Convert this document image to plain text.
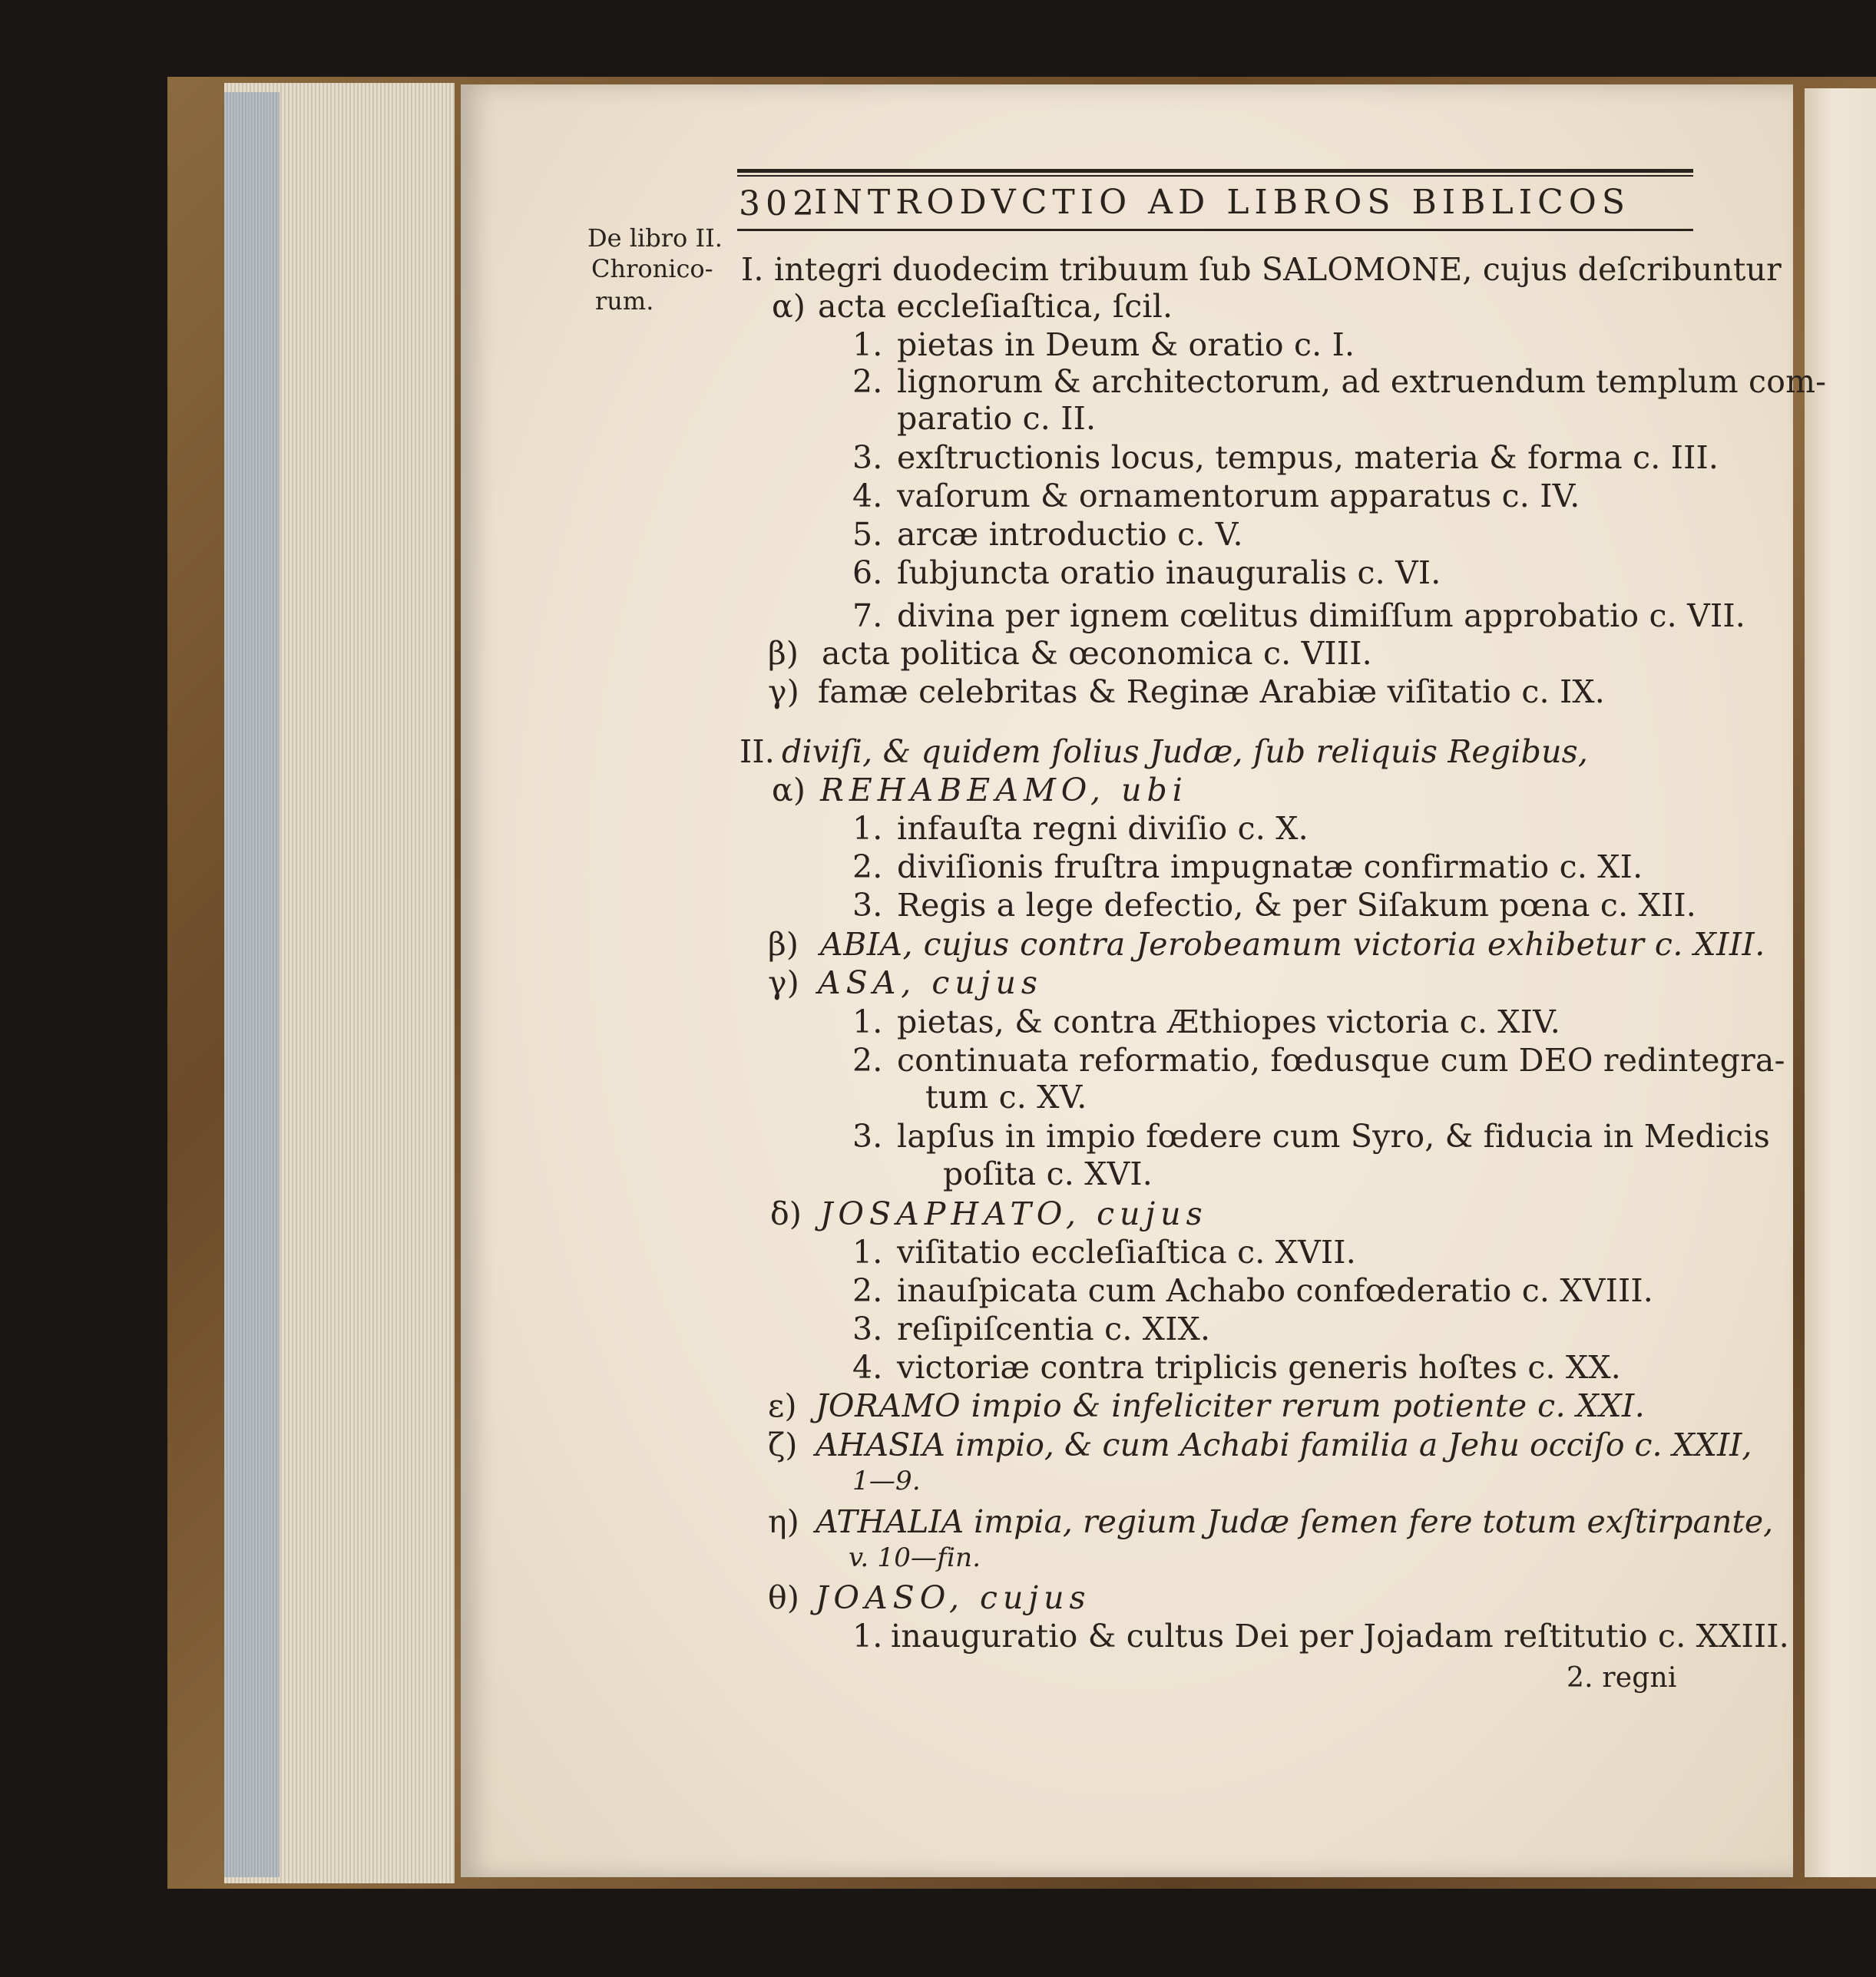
302
INTRODVCTIO AD LIBROS BIBLICOS
De libro II.
Chronico-
rum.
I. integri duodecim tribuum ſub SALOMONE, cujus deſcribuntur
α) acta eccleſiaſtica, ſcil.
1. pietas in Deum & oratio c. I.
2. lignorum & architectorum, ad extruendum templum com-
paratio c. II.
3. exſtructionis locus, tempus, materia & forma c. III.
4. vaſorum & ornamentorum apparatus c. IV.
5. arcæ introductio c. V.
6. ſubjuncta oratio inauguralis c. VI.
7. divina per ignem cœlitus dimiſſum approbatio c. VII.
β) acta politica & œconomica c. VIII.
γ) famæ celebritas & Reginæ Arabiæ viſitatio c. IX.
II. diviſi, & quidem ſolius Judæ, ſub reliquis Regibus,
α) REHABEAMO, ubi
1. infauſta regni diviſio c. X.
2. diviſionis fruſtra impugnatæ confirmatio c. XI.
3. Regis a lege defectio, & per Siſakum pœna c. XII.
β) ABIA, cujus contra Jerobeamum victoria exhibetur c. XIII.
γ) ASA, cujus
1. pietas, & contra Æthiopes victoria c. XIV.
2. continuata reformatio, fœdusque cum DEO redintegra-
tum c. XV.
3. lapſus in impio fœdere cum Syro, & fiducia in Medicis
poſita c. XVI.
δ) JOSAPHATO, cujus
1. viſitatio eccleſiaſtica c. XVII.
2. inauſpicata cum Achabo confœderatio c. XVIII.
3. reſipiſcentia c. XIX.
4. victoriæ contra triplicis generis hoſtes c. XX.
ε) JORAMO impio & infeliciter rerum potiente c. XXI.
ζ) AHASIA impio, & cum Achabi familia a Jehu occiſo c. XXII,
1—9.
η) ATHALIA impia, regium Judæ ſemen fere totum exſtirpante,
v. 10—fin.
θ) JOASO, cujus
1. inauguratio & cultus Dei per Jojadam reſtitutio c. XXIII.
2. regni
